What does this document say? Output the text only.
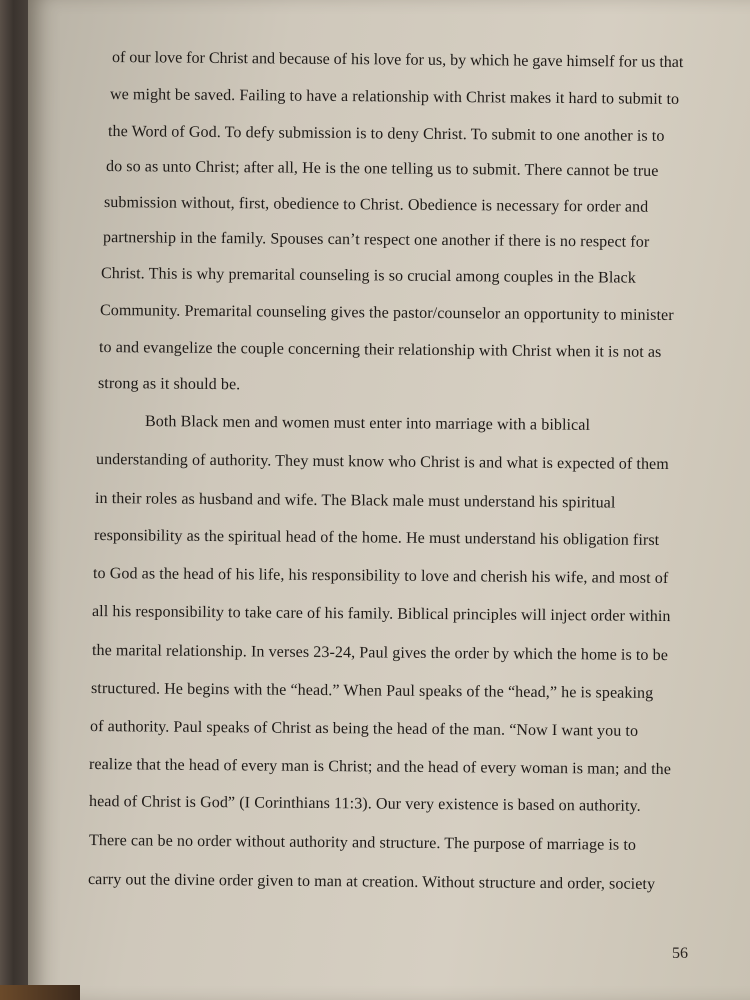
of our love for Christ and because of his love for us, by which he gave himself for us that
we might be saved. Failing to have a relationship with Christ makes it hard to submit to
the Word of God. To defy submission is to deny Christ. To submit to one another is to
do so as unto Christ; after all, He is the one telling us to submit. There cannot be true
submission without, first, obedience to Christ. Obedience is necessary for order and
partnership in the family. Spouses can’t respect one another if there is no respect for
Christ. This is why premarital counseling is so crucial among couples in the Black
Community. Premarital counseling gives the pastor/counselor an opportunity to minister
to and evangelize the couple concerning their relationship with Christ when it is not as
strong as it should be.
Both Black men and women must enter into marriage with a biblical
understanding of authority. They must know who Christ is and what is expected of them
in their roles as husband and wife. The Black male must understand his spiritual
responsibility as the spiritual head of the home. He must understand his obligation first
to God as the head of his life, his responsibility to love and cherish his wife, and most of
all his responsibility to take care of his family. Biblical principles will inject order within
the marital relationship. In verses 23-24, Paul gives the order by which the home is to be
structured. He begins with the “head.” When Paul speaks of the “head,” he is speaking
of authority. Paul speaks of Christ as being the head of the man. “Now I want you to
realize that the head of every man is Christ; and the head of every woman is man; and the
head of Christ is God” (I Corinthians 11:3). Our very existence is based on authority.
There can be no order without authority and structure. The purpose of marriage is to
carry out the divine order given to man at creation. Without structure and order, society
56
